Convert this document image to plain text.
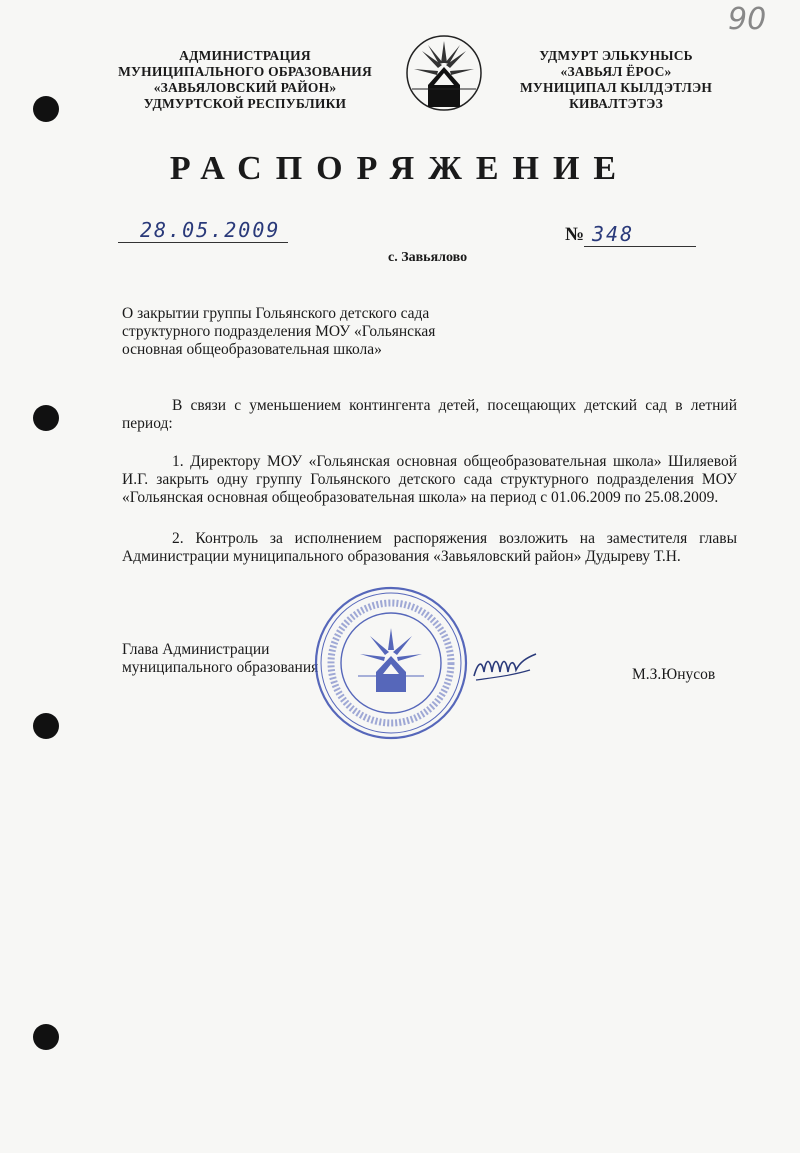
90
АДМИНИСТРАЦИЯ
МУНИЦИПАЛЬНОГО ОБРАЗОВАНИЯ
«ЗАВЬЯЛОВСКИЙ РАЙОН»
УДМУРТСКОЙ РЕСПУБЛИКИ
УДМУРТ ЭЛЬКУНЫСЬ
«ЗАВЬЯЛ ЁРОС»
МУНИЦИПАЛ КЫЛДЭТЛЭН
КИВАЛТЭТЭЗ
РАСПОРЯЖЕНИЕ
28.05.2009	№ 348
с. Завьялово
О закрытии группы Гольянского детского сада
структурного подразделения МОУ «Гольянская
основная общеобразовательная школа»
В связи с уменьшением контингента детей, посещающих детский сад в летний период:
1. Директору МОУ «Гольянская основная общеобразовательная школа» Шиляевой И.Г. закрыть одну группу Гольянского детского сада структурного подразделения МОУ «Гольянская основная общеобразовательная школа» на период с 01.06.2009 по 25.08.2009.
2. Контроль за исполнением распоряжения возложить на заместителя главы Администрации муниципального образования «Завьяловский район» Дудыреву Т.Н.
Глава Администрации
муниципального образования	М.З.Юнусов
